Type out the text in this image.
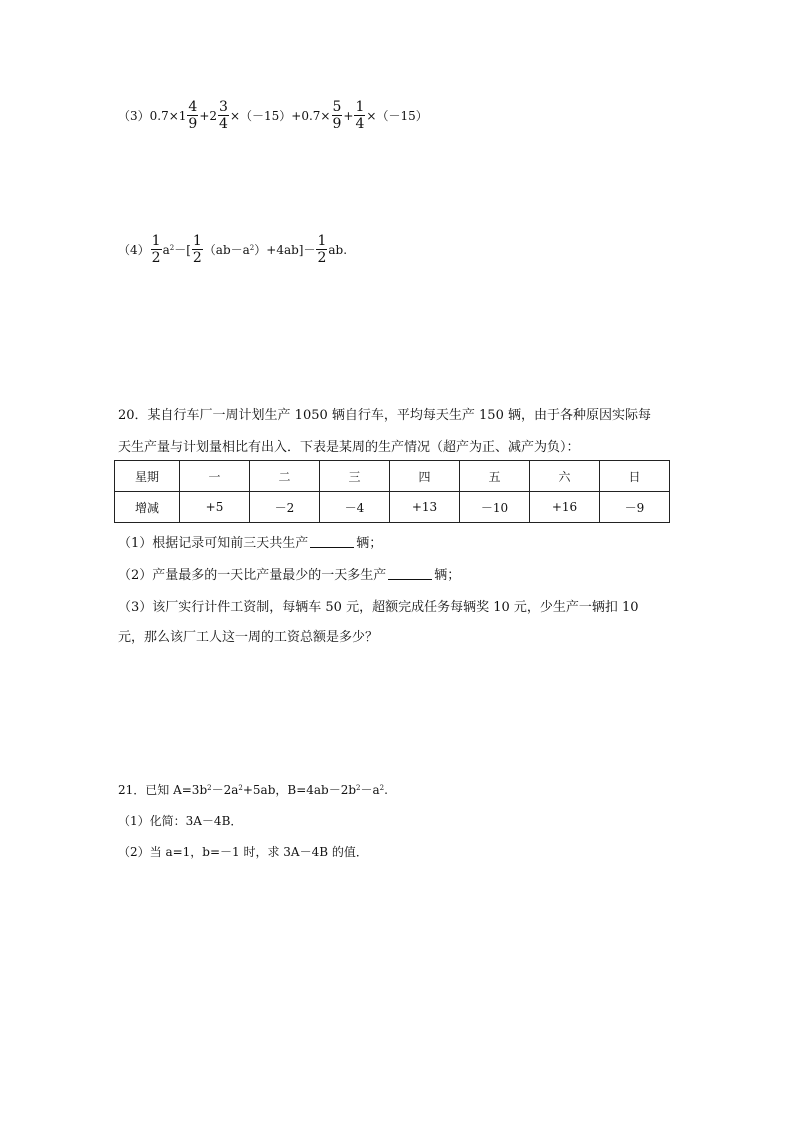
（3） $0.7\times 1 \frac{4}{9} +2 \frac{3}{4} \times(-15)+0.7\times \frac{5}{9} + \frac{1}{4} \times(-15)$
$(4) \frac{1}{2} a^2$ －[ $\frac{1}{2} (ab-a^2$ ）$+4ab]- \frac{1}{2}$ ab.
20．某自行车厂一周计划生产 1050 辆自行车，平均每天生产 150 辆，由于各种原因实际每
天生产量与计划量相比有出入．下表是某周的生产情况（超产为正、减产为负）：
星期	一	二	三	四	五	六	日
增减	+5	－2	－4	+13	－10	+16	－9
（1）根据记录可知前三天共生产	辆；
（2）产量最多的一天比产量最少的一天多生产	辆；
（3）该厂实行计件工资制，每辆车 50 元，超额完成任务每辆奖 10 元，少生产一辆扣 10
元，那么该厂工人这一周的工资总额是多少？
21．已知 $A=3b^2 -2a^2 +5ab$，$B=4ab-2b^2 -a^2$ .
（1）化简：3A－4B．
（2）当 a=1，b=－1 时，求 3A－4B 的值．
